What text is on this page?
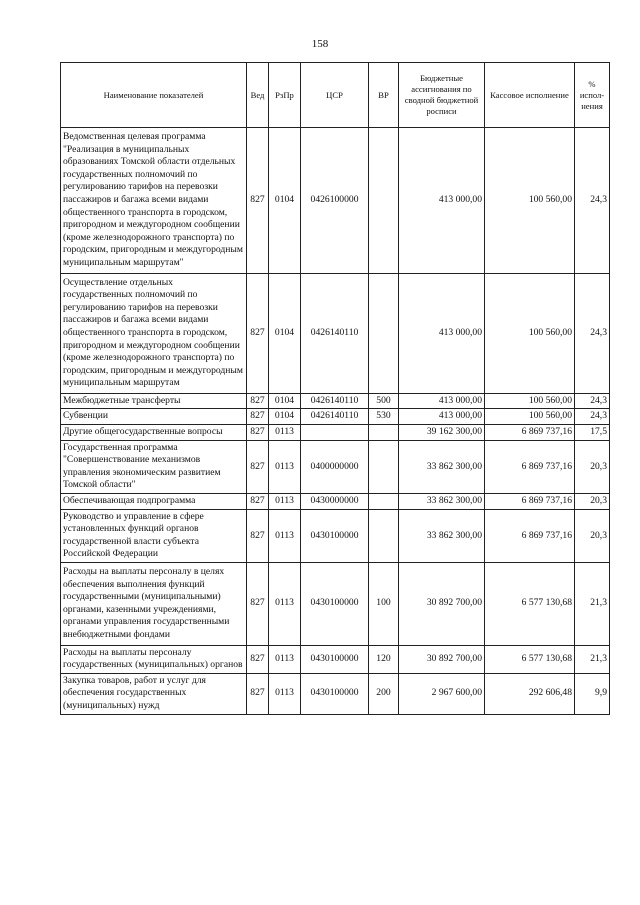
158
Наименование показателей	Вед	РзПр	ЦСР	ВР	Бюджетные ассигнования по сводной бюджетной росписи	Кассовое исполнение	% испол-нения
Ведомственная целевая программа "Реализация в муниципальных образованиях Томской области отдельных государственных полномочий по регулированию тарифов на перевозки пассажиров и багажа всеми видами общественного транспорта в городском, пригородном и междугородном сообщении (кроме железнодорожного транспорта) по городским, пригородным и междугородным муниципальным маршрутам"	827	0104	0426100000		413 000,00	100 560,00	24,3
Осуществление отдельных государственных полномочий по регулированию тарифов на перевозки пассажиров и багажа всеми видами общественного транспорта в городском, пригородном и междугородном сообщении (кроме железнодорожного транспорта) по городским, пригородным и междугородным муниципальным маршрутам	827	0104	0426140110		413 000,00	100 560,00	24,3
Межбюджетные трансферты	827	0104	0426140110	500	413 000,00	100 560,00	24,3
Субвенции	827	0104	0426140110	530	413 000,00	100 560,00	24,3
Другие общегосударственные вопросы	827	0113			39 162 300,00	6 869 737,16	17,5
Государственная программа "Совершенствование механизмов управления экономическим развитием Томской области"	827	0113	0400000000		33 862 300,00	6 869 737,16	20,3
Обеспечивающая подпрограмма	827	0113	0430000000		33 862 300,00	6 869 737,16	20,3
Руководство и управление в сфере установленных функций органов государственной власти субъекта Российской Федерации	827	0113	0430100000		33 862 300,00	6 869 737,16	20,3
Расходы на выплаты персоналу в целях обеспечения выполнения функций государственными (муниципальными) органами, казенными учреждениями, органами управления государственными внебюджетными фондами	827	0113	0430100000	100	30 892 700,00	6 577 130,68	21,3
Расходы на выплаты персоналу государственных (муниципальных) органов	827	0113	0430100000	120	30 892 700,00	6 577 130,68	21,3
Закупка товаров, работ и услуг для обеспечения государственных (муниципальных) нужд	827	0113	0430100000	200	2 967 600,00	292 606,48	9,9
